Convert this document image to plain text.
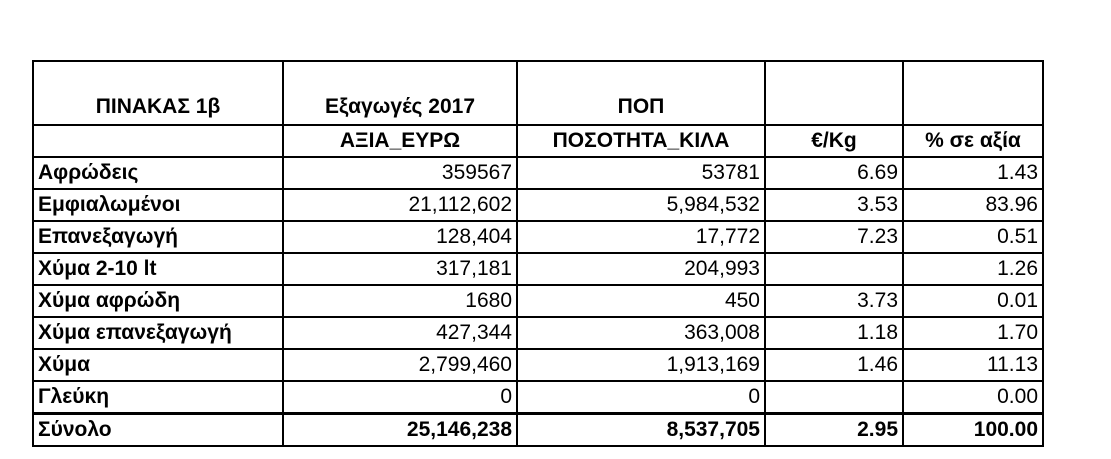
ΠΙΝΑΚΑΣ 1β	Εξαγωγές 2017	ΠΟΠ		
	ΑΞΙΑ_ΕΥΡΩ	ΠΟΣΟΤΗΤΑ_ΚΙΛΑ	€/Kg	% σε αξία
Αφρώδεις	359567	53781	6.69	1.43
Εμφιαλωμένοι	21,112,602	5,984,532	3.53	83.96
Επανεξαγωγή	128,404	17,772	7.23	0.51
Χύμα 2-10 lt	317,181	204,993		1.26
Χύμα αφρώδη	1680	450	3.73	0.01
Χύμα επανεξαγωγή	427,344	363,008	1.18	1.70
Χύμα	2,799,460	1,913,169	1.46	11.13
Γλεύκη	0	0		0.00
Σύνολο	25,146,238	8,537,705	2.95	100.00
